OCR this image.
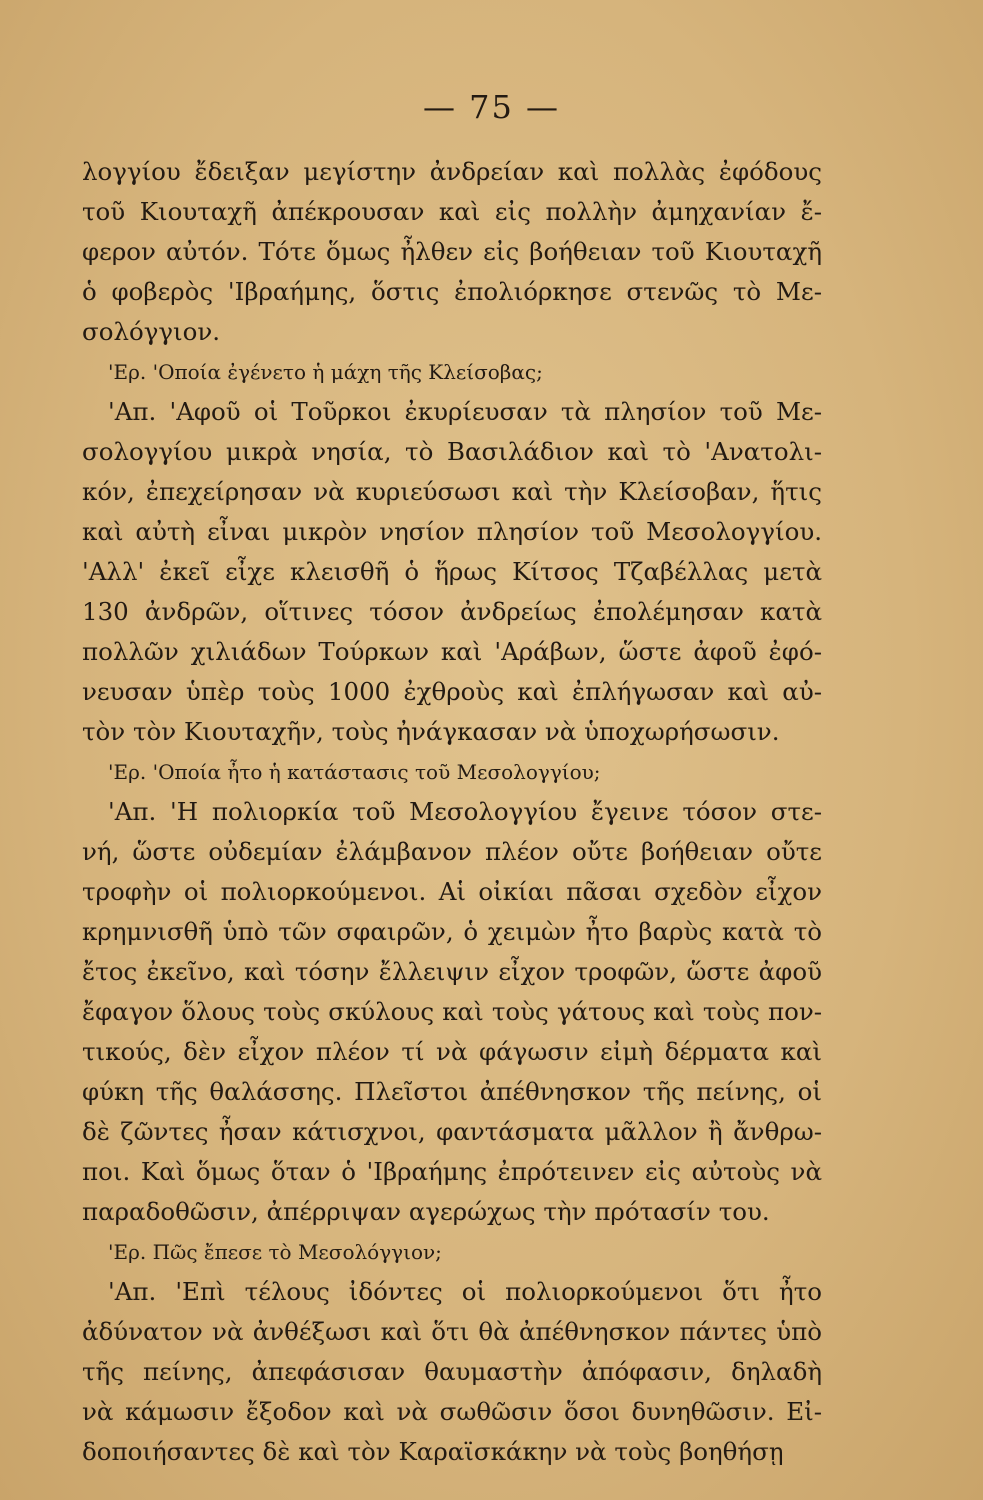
— 75 —
λογγίου ἔδειξαν μεγίστην ἀνδρείαν καὶ πολλὰς ἐφόδους
τοῦ Κιουταχῆ ἀπέκρουσαν καὶ εἰς πολλὴν ἀμηχανίαν ἔ-
φερον αὐτόν. Τότε ὅμως ἦλθεν εἰς βοήθειαν τοῦ Κιουταχῆ
ὁ φοβερὸς 'Ιβραήμης, ὅστις ἐπολιόρκησε στενῶς τὸ Με-
σολόγγιον.
'Ερ. 'Οποία ἐγένετο ἡ μάχη τῆς Κλείσοβας;
'Απ. 'Αφοῦ οἱ Τοῦρκοι ἐκυρίευσαν τὰ πλησίον τοῦ Με-
σολογγίου μικρὰ νησία, τὸ Βασιλάδιον καὶ τὸ 'Ανατολι-
κόν, ἐπεχείρησαν νὰ κυριεύσωσι καὶ τὴν Κλείσοβαν, ἥτις
καὶ αὐτὴ εἶναι μικρὸν νησίον πλησίον τοῦ Μεσολογγίου.
'Αλλ' ἐκεῖ εἶχε κλεισθῆ ὁ ἥρως Κίτσος Τζαβέλλας μετὰ
130 ἀνδρῶν, οἵτινες τόσον ἀνδρείως ἐπολέμησαν κατὰ
πολλῶν χιλιάδων Τούρκων καὶ 'Αράβων, ὥστε ἀφοῦ ἐφό-
νευσαν ὑπὲρ τοὺς 1000 ἐχθροὺς καὶ ἐπλήγωσαν καὶ αὐ-
τὸν τὸν Κιουταχῆν, τοὺς ἠνάγκασαν νὰ ὑποχωρήσωσιν.
'Ερ. 'Οποία ἦτο ἡ κατάστασις τοῦ Μεσολογγίου;
'Απ. 'Η πολιορκία τοῦ Μεσολογγίου ἔγεινε τόσον στε-
νή, ὥστε οὐδεμίαν ἐλάμβανον πλέον οὔτε βοήθειαν οὔτε
τροφὴν οἱ πολιορκούμενοι. Αἱ οἰκίαι πᾶσαι σχεδὸν εἶχον
κρημνισθῆ ὑπὸ τῶν σφαιρῶν, ὁ χειμὼν ἦτο βαρὺς κατὰ τὸ
ἔτος ἐκεῖνο, καὶ τόσην ἔλλειψιν εἶχον τροφῶν, ὥστε ἀφοῦ
ἔφαγον ὅλους τοὺς σκύλους καὶ τοὺς γάτους καὶ τοὺς πον-
τικούς, δὲν εἶχον πλέον τί νὰ φάγωσιν εἰμὴ δέρματα καὶ
φύκη τῆς θαλάσσης. Πλεῖστοι ἀπέθνησκον τῆς πείνης, οἱ
δὲ ζῶντες ἦσαν κάτισχνοι, φαντάσματα μᾶλλον ἢ ἄνθρω-
ποι. Καὶ ὅμως ὅταν ὁ 'Ιβραήμης ἐπρότεινεν εἰς αὐτοὺς νὰ
παραδοθῶσιν, ἀπέρριψαν αγερώχως τὴν πρότασίν του.
'Ερ. Πῶς ἔπεσε τὸ Μεσολόγγιον;
'Απ. 'Επὶ τέλους ἰδόντες οἱ πολιορκούμενοι ὅτι ἦτο
ἀδύνατον νὰ ἀνθέξωσι καὶ ὅτι θὰ ἀπέθνησκον πάντες ὑπὸ
τῆς πείνης, ἀπεφάσισαν θαυμαστὴν ἀπόφασιν, δηλαδὴ
νὰ κάμωσιν ἔξοδον καὶ νὰ σωθῶσιν ὅσοι δυνηθῶσιν. Εἰ-
δοποιήσαντες δὲ καὶ τὸν Καραϊσκάκην νὰ τοὺς βοηθήσῃ
